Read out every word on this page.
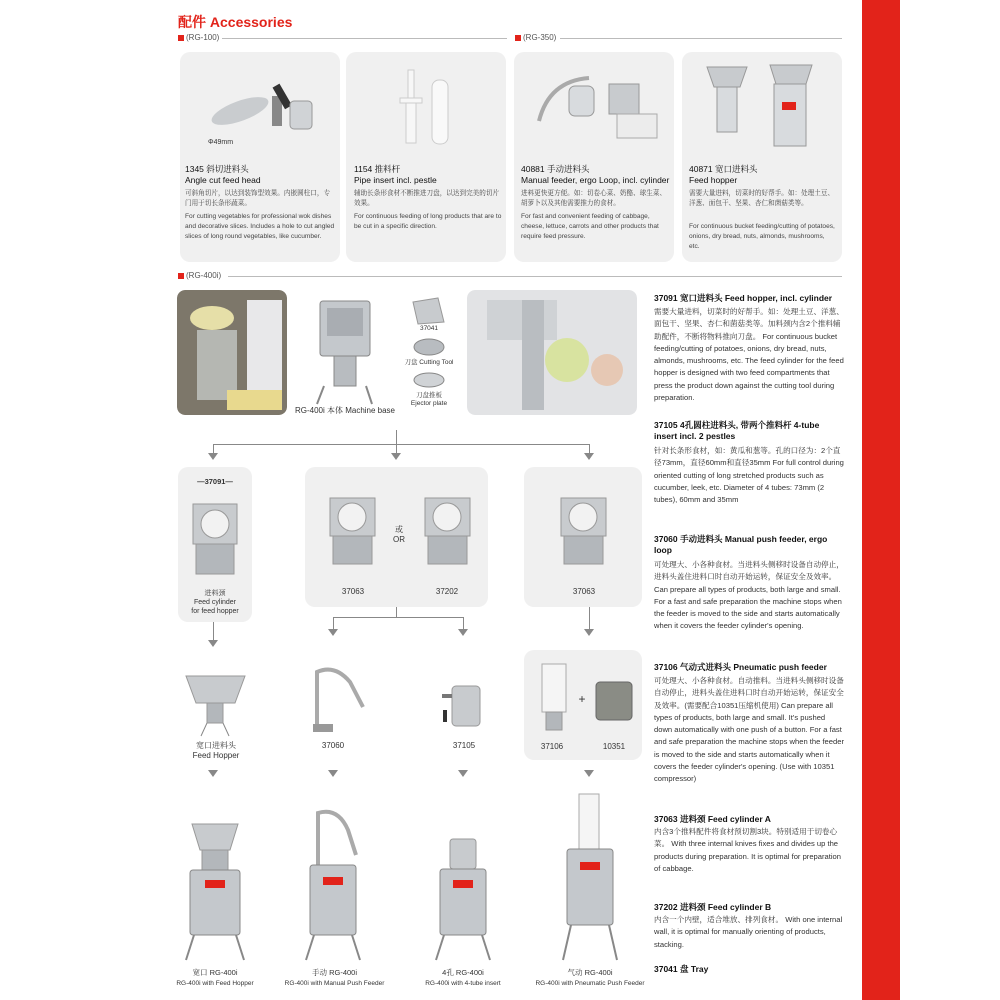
配件 Accessories
(RG-100)	(RG-350)
(RG-400i)
Φ49mm
1345 斜切进料头
Angle cut feed head
可斜角切片，以达到装饰型效果。内嵌圆柱口，专门用于切长条形蔬菜。
For cutting vegetables for professional wok dishes and decorative slices. Includes a hole to cut angled slices of long round vegetables, like cucumber.
1154 推料杆
Pipe insert incl. pestle
辅助长条形食材不断推进刀盘，以达到完美的切片效果。
For continuous feeding of long products that are to be cut in a specific direction.
40881 手动进料头
Manual feeder, ergo Loop, incl. cylinder
进料更快更方便。如：切卷心菜、奶酪、球生菜、胡萝卜以及其他需要推力的食材。
For fast and convenient feeding of cabbage, cheese, lettuce, carrots and other products that require feed pressure.
40871 宽口进料头
Feed hopper
需要大量进料，切菜时的好帮手。如：处理土豆、洋葱、面包干、坚果、杏仁和菌菇类等。
For continuous bucket feeding/cutting of potatoes, onions, dry bread, nuts, almonds, mushrooms, etc.
RG-400i 本体 Machine base
37041
刀盘 Cutting Tool
刀盘推板
Ejector plate
—37091—
进料颈
Feed cylinder
for feed hopper
或
OR
37063	37202	37063
宽口进料头
Feed Hopper
37060	37105
+
37106	10351
宽口 RG-400i
RG-400i with Feed Hopper
手动 RG-400i
RG-400i with Manual Push Feeder
4孔 RG-400i
RG-400i with 4-tube insert
气动 RG-400i
RG-400i with Pneumatic Push Feeder
37091 宽口进料头 Feed hopper, incl. cylinder
需要大量进料，切菜时的好帮手。如：处理土豆、洋葱、面包干、坚果、杏仁和菌菇类等。加料颈内含2个推料辅助配件，不断将物料推向刀盘。 For continuous bucket feeding/cutting of potatoes, onions, dry bread, nuts, almonds, mushrooms, etc. The feed cylinder for the feed hopper is designed with two feed compartments that press the product down against the cutting tool during preparation.
37105 4孔圆柱进料头, 带两个推料杆 4-tube insert incl. 2 pestles
针对长条形食材，如：黄瓜和葱等。孔的口径为：2个直径73mm，直径60mm和直径35mm For full control during oriented cutting of long stretched products such as cucumber, leek, etc. Diameter of 4 tubes: 73mm (2 tubes), 60mm and 35mm
37060 手动进料头 Manual push feeder, ergo loop
可处理大、小各种食材。当进料头侧移时设备自动停止，进料头盖住进料口时自动开始运转，保证安全及效率。 Can prepare all types of products, both large and small. For a fast and safe preparation the machine stops when the feeder is moved to the side and starts automatically when it covers the feeder cylinder's opening.
37106 气动式进料头 Pneumatic push feeder
可处理大、小各种食材。自动推料。当进料头侧移时设备自动停止，进料头盖住进料口时自动开始运转，保证安全及效率。(需要配合10351压缩机使用) Can prepare all types of products, both large and small. It's pushed down automatically with one push of a button. For a fast and safe preparation the machine stops when the feeder is moved to the side and starts automatically when it covers the feeder cylinder's opening. (Use with 10351 compressor)
37063 进料颈 Feed cylinder A
内含3个推料配件将食材预切割3块。特别适用于切卷心菜。 With three internal knives fixes and divides up the products during preparation. It is optimal for preparation of cabbage.
37202 进料颈 Feed cylinder B
内含一个内壁，适合堆放、排列食材。 With one internal wall, it is optimal for manually orienting of products, stacking.
37041 盘 Tray
